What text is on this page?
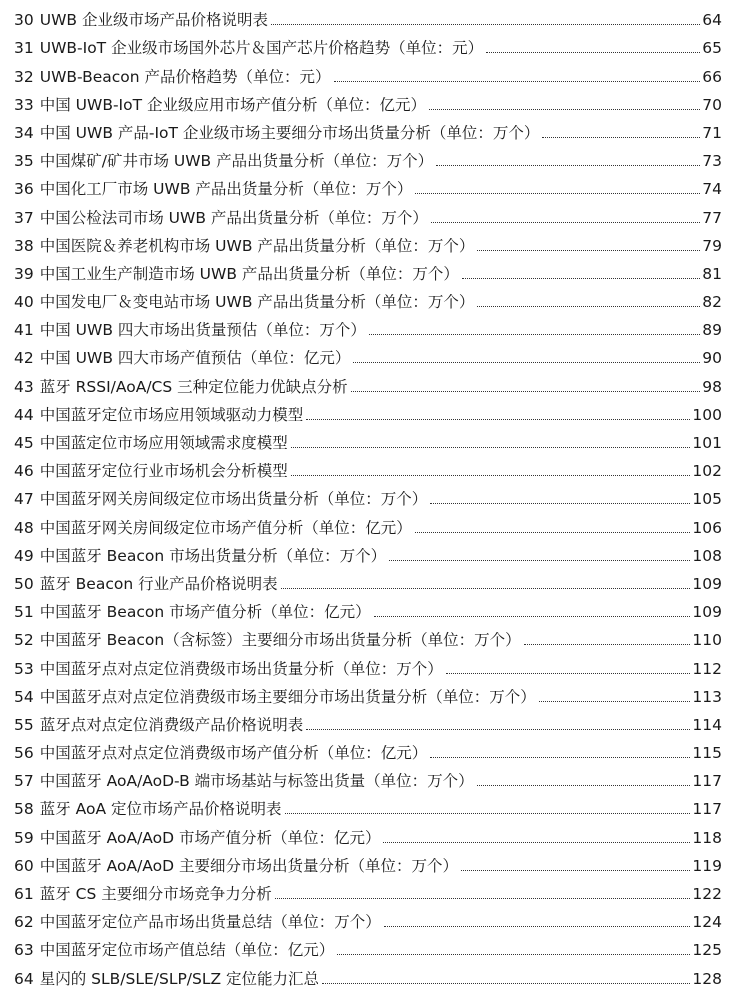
30 UWB 企业级市场产品价格说明表	64
31 UWB-IoT 企业级市场国外芯片＆国产芯片价格趋势（单位：元）	65
32 UWB-Beacon 产品价格趋势（单位：元）	66
33 中国 UWB-IoT 企业级应用市场产值分析（单位：亿元）	70
34 中国 UWB 产品-IoT 企业级市场主要细分市场出货量分析（单位：万个）	71
35 中国煤矿/矿井市场 UWB 产品出货量分析（单位：万个）	73
36 中国化工厂市场 UWB 产品出货量分析（单位：万个）	74
37 中国公检法司市场 UWB 产品出货量分析（单位：万个）	77
38 中国医院＆养老机构市场 UWB 产品出货量分析（单位：万个）	79
39 中国工业生产制造市场 UWB 产品出货量分析（单位：万个）	81
40 中国发电厂＆变电站市场 UWB 产品出货量分析（单位：万个）	82
41 中国 UWB 四大市场出货量预估（单位：万个）	89
42 中国 UWB 四大市场产值预估（单位：亿元）	90
43 蓝牙 RSSI/AoA/CS 三种定位能力优缺点分析	98
44 中国蓝牙定位市场应用领域驱动力模型	100
45 中国蓝定位市场应用领域需求度模型	101
46 中国蓝牙定位行业市场机会分析模型	102
47 中国蓝牙网关房间级定位市场出货量分析（单位：万个）	105
48 中国蓝牙网关房间级定位市场产值分析（单位：亿元）	106
49 中国蓝牙 Beacon 市场出货量分析（单位：万个）	108
50 蓝牙 Beacon 行业产品价格说明表	109
51 中国蓝牙 Beacon 市场产值分析（单位：亿元）	109
52 中国蓝牙 Beacon（含标签）主要细分市场出货量分析（单位：万个）	110
53 中国蓝牙点对点定位消费级市场出货量分析（单位：万个）	112
54 中国蓝牙点对点定位消费级市场主要细分市场出货量分析（单位：万个）	113
55 蓝牙点对点定位消费级产品价格说明表	114
56 中国蓝牙点对点定位消费级市场产值分析（单位：亿元）	115
57 中国蓝牙 AoA/AoD-B 端市场基站与标签出货量（单位：万个）	117
58 蓝牙 AoA 定位市场产品价格说明表	117
59 中国蓝牙 AoA/AoD 市场产值分析（单位：亿元）	118
60 中国蓝牙 AoA/AoD 主要细分市场出货量分析（单位：万个）	119
61 蓝牙 CS 主要细分市场竞争力分析	122
62 中国蓝牙定位产品市场出货量总结（单位：万个）	124
63 中国蓝牙定位市场产值总结（单位：亿元）	125
64 星闪的 SLB/SLE/SLP/SLZ 定位能力汇总	128
